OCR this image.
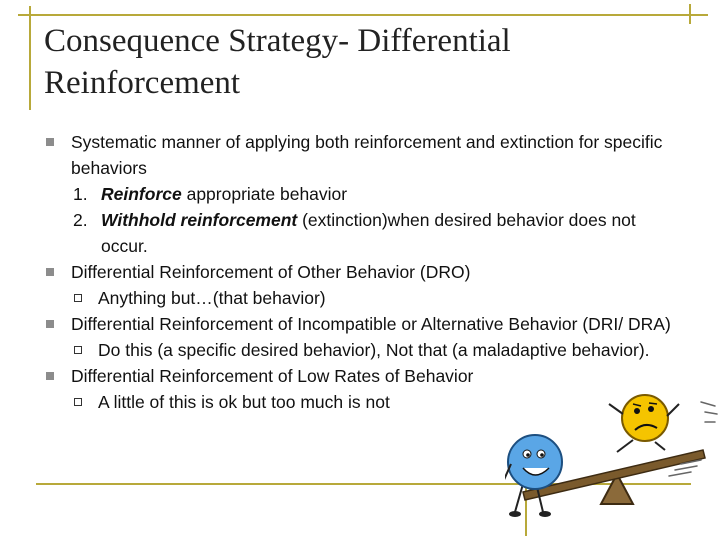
Consequence Strategy- Differential Reinforcement
Systematic manner of applying both reinforcement and extinction for specific behaviors
1. Reinforce appropriate behavior
2. Withhold reinforcement (extinction)when desired behavior does not occur.
Differential Reinforcement of Other Behavior (DRO)
Anything but…(that behavior)
Differential Reinforcement of Incompatible or Alternative Behavior (DRI/ DRA)
Do this (a specific desired behavior), Not that (a maladaptive behavior).
Differential Reinforcement of Low Rates of Behavior
A little of this is ok but too much is not
